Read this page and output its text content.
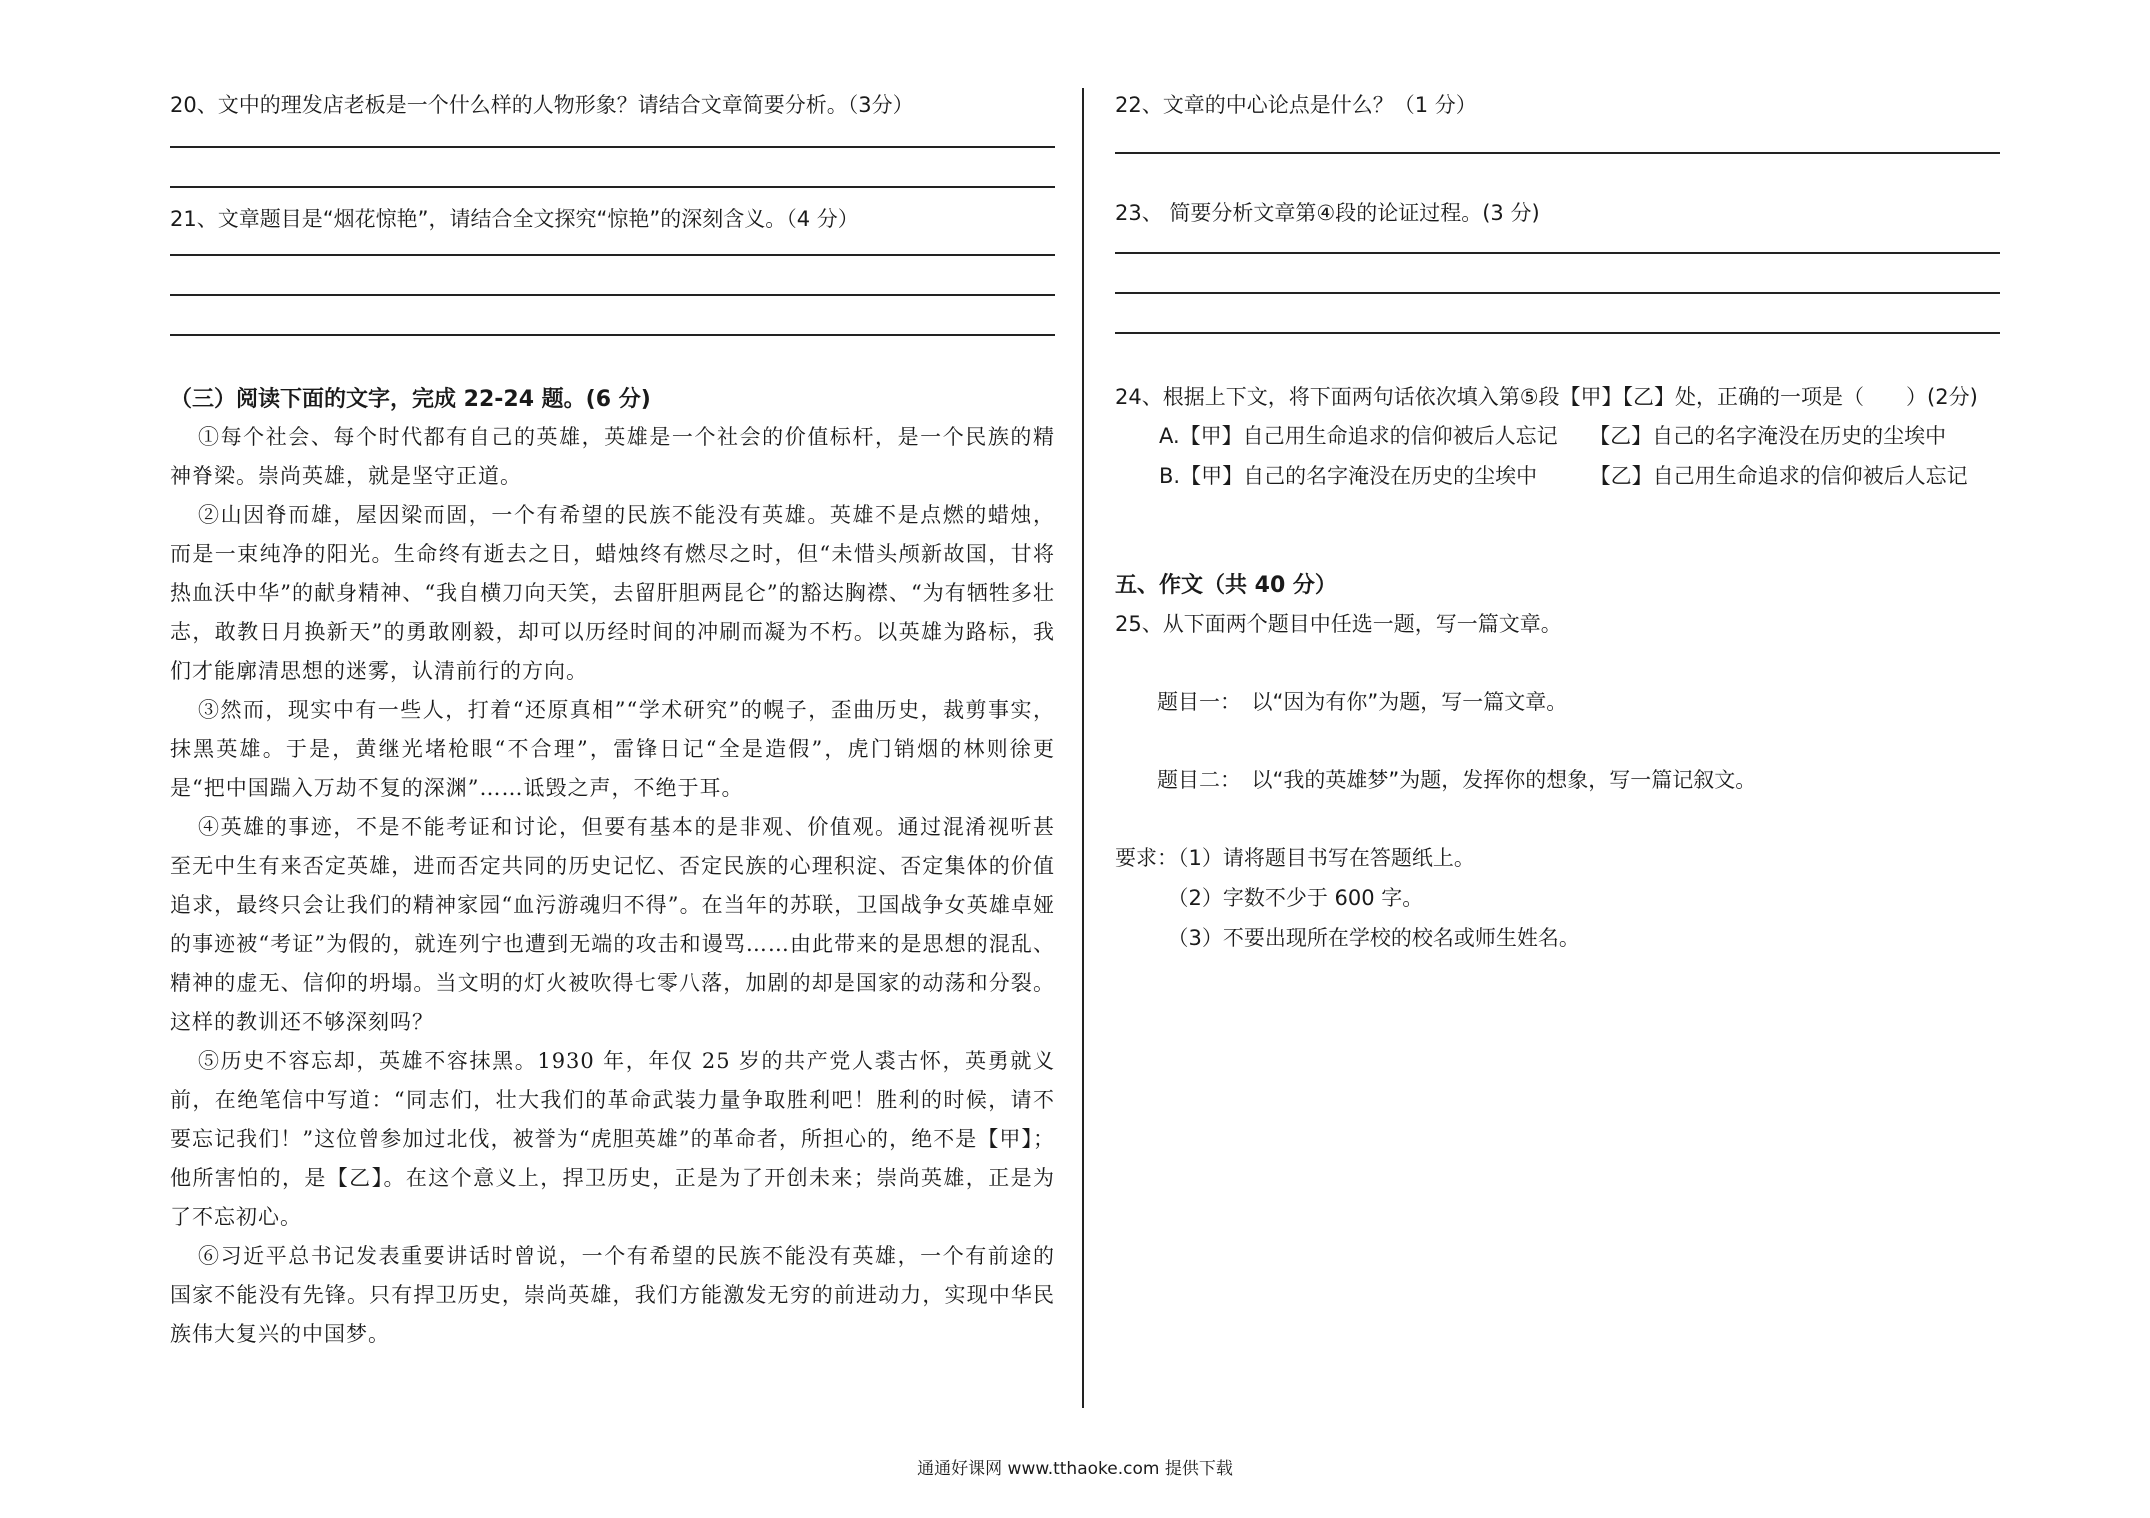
20、文中的理发店老板是一个什么样的人物形象？请结合文章简要分析。（3分）

21、文章题目是“烟花惊艳”，请结合全文探究“惊艳”的深刻含义。（4 分）

（三）阅读下面的文字，完成 22-24 题。(6 分)

①每个社会、每个时代都有自己的英雄，英雄是一个社会的价值标杆，是一个民族的精神脊梁。崇尚英雄，就是坚守正道。

②山因脊而雄，屋因梁而固，一个有希望的民族不能没有英雄。英雄不是点燃的蜡烛，而是一束纯净的阳光。生命终有逝去之日，蜡烛终有燃尽之时，但“未惜头颅新故国，甘将热血沃中华”的献身精神、“我自横刀向天笑，去留肝胆两昆仑”的豁达胸襟、“为有牺牲多壮志，敢教日月换新天”的勇敢刚毅，却可以历经时间的冲刷而凝为不朽。以英雄为路标，我们才能廓清思想的迷雾，认清前行的方向。

③然而，现实中有一些人，打着“还原真相”“学术研究”的幌子，歪曲历史，裁剪事实，抹黑英雄。于是，黄继光堵枪眼“不合理”，雷锋日记“全是造假”，虎门销烟的林则徐更是“把中国踹入万劫不复的深渊”……诋毁之声，不绝于耳。

④英雄的事迹，不是不能考证和讨论，但要有基本的是非观、价值观。通过混淆视听甚至无中生有来否定英雄，进而否定共同的历史记忆、否定民族的心理积淀、否定集体的价值追求，最终只会让我们的精神家园“血污游魂归不得”。在当年的苏联，卫国战争女英雄卓娅的事迹被“考证”为假的，就连列宁也遭到无端的攻击和谩骂……由此带来的是思想的混乱、精神的虚无、信仰的坍塌。当文明的灯火被吹得七零八落，加剧的却是国家的动荡和分裂。这样的教训还不够深刻吗？

⑤历史不容忘却，英雄不容抹黑。1930 年，年仅 25 岁的共产党人裘古怀，英勇就义前，在绝笔信中写道：“同志们，壮大我们的革命武装力量争取胜利吧！胜利的时候，请不要忘记我们！”这位曾参加过北伐，被誉为“虎胆英雄”的革命者，所担心的，绝不是【甲】；他所害怕的，是【乙】。在这个意义上，捍卫历史，正是为了开创未来；崇尚英雄，正是为了不忘初心。

⑥习近平总书记发表重要讲话时曾说，一个有希望的民族不能没有英雄，一个有前途的国家不能没有先锋。只有捍卫历史，崇尚英雄，我们方能激发无穷的前进动力，实现中华民族伟大复兴的中国梦。

22、文章的中心论点是什么？（1 分）

23、 简要分析文章第④段的论证过程。(3 分)

24、根据上下文，将下面两句话依次填入第⑤段【甲】【乙】处，正确的一项是（　　）(2分)

A.【甲】自己用生命追求的信仰被后人忘记　　【乙】自己的名字淹没在历史的尘埃中

B.【甲】自己的名字淹没在历史的尘埃中　　　【乙】自己用生命追求的信仰被后人忘记

五、作文（共 40 分）

25、从下面两个题目中任选一题，写一篇文章。

　　题目一：　以“因为有你”为题，写一篇文章。

　　题目二：　以“我的英雄梦”为题，发挥你的想象，写一篇记叙文。

要求：（1）请将题目书写在答题纸上。

　　　（2）字数不少于 600 字。

　　　（3）不要出现所在学校的校名或师生姓名。

通通好课网 www.tthaoke.com 提供下载
